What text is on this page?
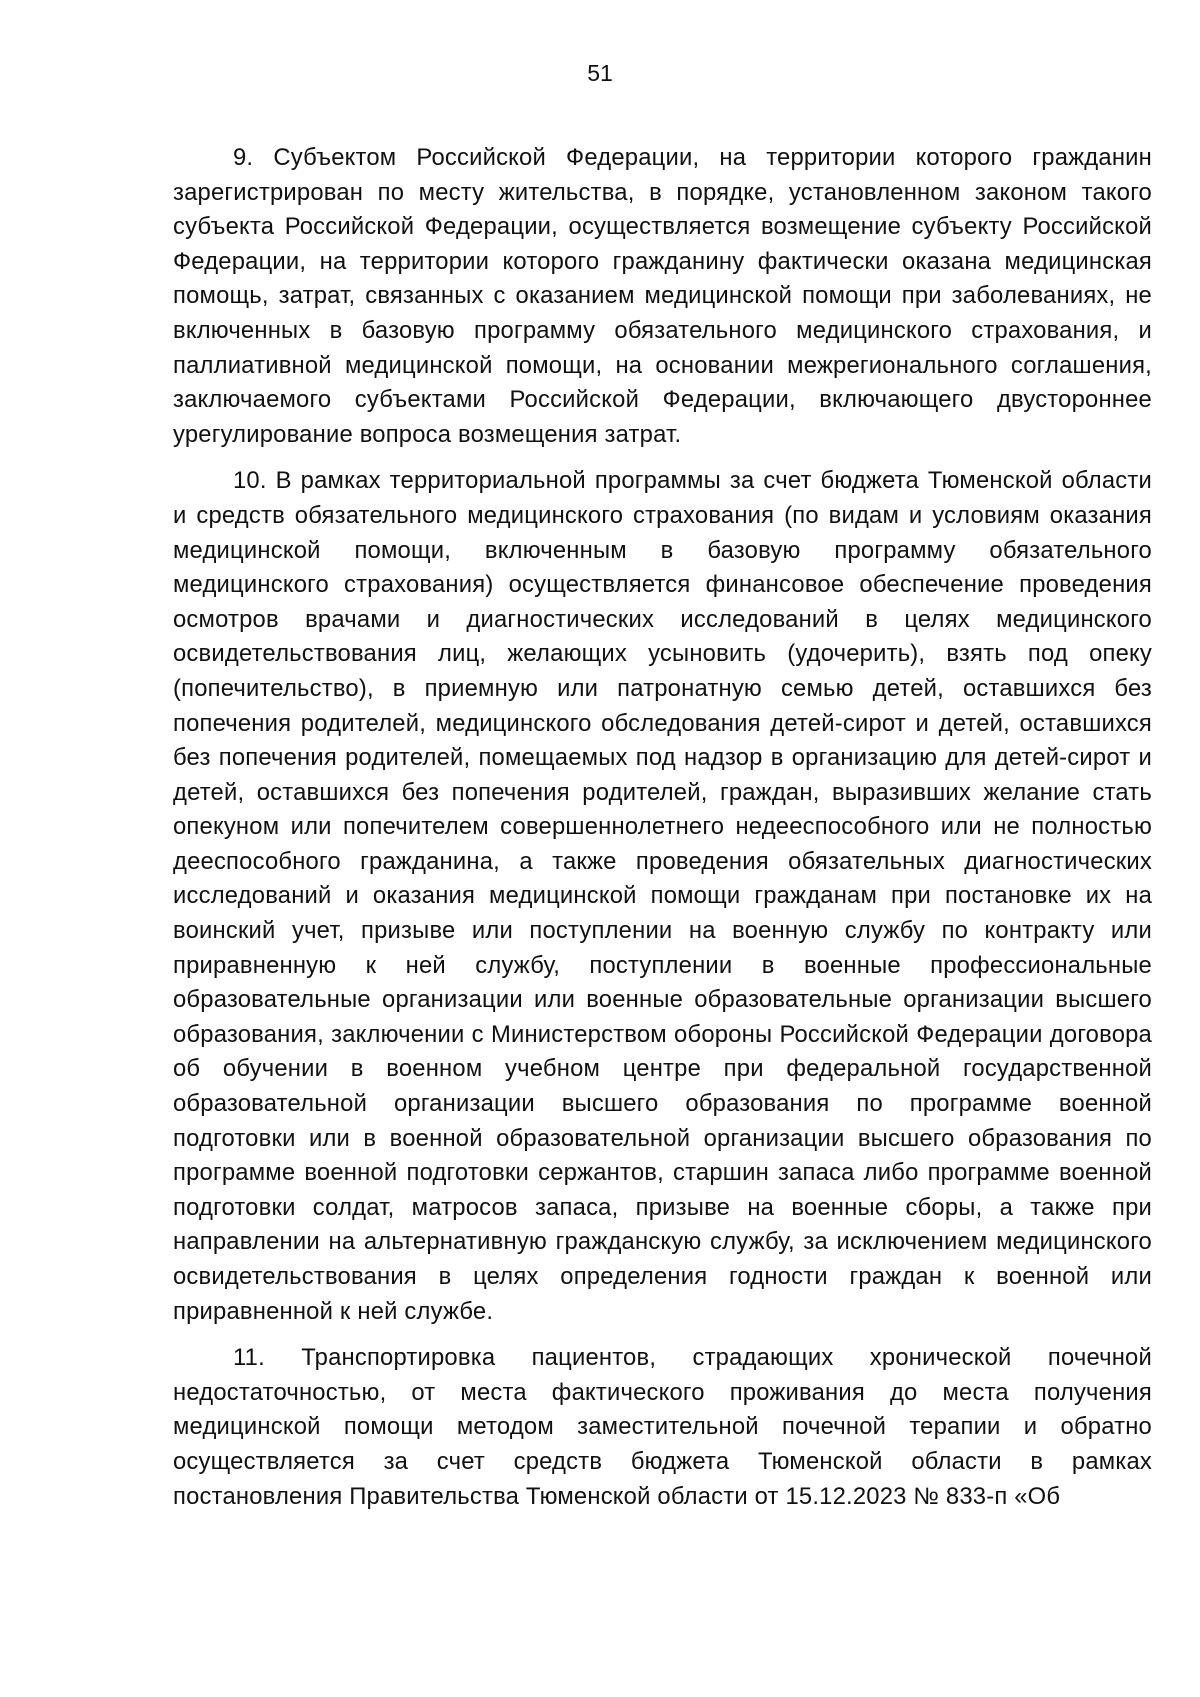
51

9. Субъектом Российской Федерации, на территории которого гражданин зарегистрирован по месту жительства, в порядке, установленном законом такого субъекта Российской Федерации, осуществляется возмещение субъекту Российской Федерации, на территории которого гражданину фактически оказана медицинская помощь, затрат, связанных с оказанием медицинской помощи при заболеваниях, не включенных в базовую программу обязательного медицинского страхования, и паллиативной медицинской помощи, на основании межрегионального соглашения, заключаемого субъектами Российской Федерации, включающего двустороннее урегулирование вопроса возмещения затрат.

10. В рамках территориальной программы за счет бюджета Тюменской области и средств обязательного медицинского страхования (по видам и условиям оказания медицинской помощи, включенным в базовую программу обязательного медицинского страхования) осуществляется финансовое обеспечение проведения осмотров врачами и диагностических исследований в целях медицинского освидетельствования лиц, желающих усыновить (удочерить), взять под опеку (попечительство), в приемную или патронатную семью детей, оставшихся без попечения родителей, медицинского обследования детей-сирот и детей, оставшихся без попечения родителей, помещаемых под надзор в организацию для детей-сирот и детей, оставшихся без попечения родителей, граждан, выразивших желание стать опекуном или попечителем совершеннолетнего недееспособного или не полностью дееспособного гражданина, а также проведения обязательных диагностических исследований и оказания медицинской помощи гражданам при постановке их на воинский учет, призыве или поступлении на военную службу по контракту или приравненную к ней службу, поступлении в военные профессиональные образовательные организации или военные образовательные организации высшего образования, заключении с Министерством обороны Российской Федерации договора об обучении в военном учебном центре при федеральной государственной образовательной организации высшего образования по программе военной подготовки или в военной образовательной организации высшего образования по программе военной подготовки сержантов, старшин запаса либо программе военной подготовки солдат, матросов запаса, призыве на военные сборы, а также при направлении на альтернативную гражданскую службу, за исключением медицинского освидетельствования в целях определения годности граждан к военной или приравненной к ней службе.

11. Транспортировка пациентов, страдающих хронической почечной недостаточностью, от места фактического проживания до места получения медицинской помощи методом заместительной почечной терапии и обратно осуществляется за счет средств бюджета Тюменской области в рамках постановления Правительства Тюменской области от 15.12.2023 № 833-п «Об
